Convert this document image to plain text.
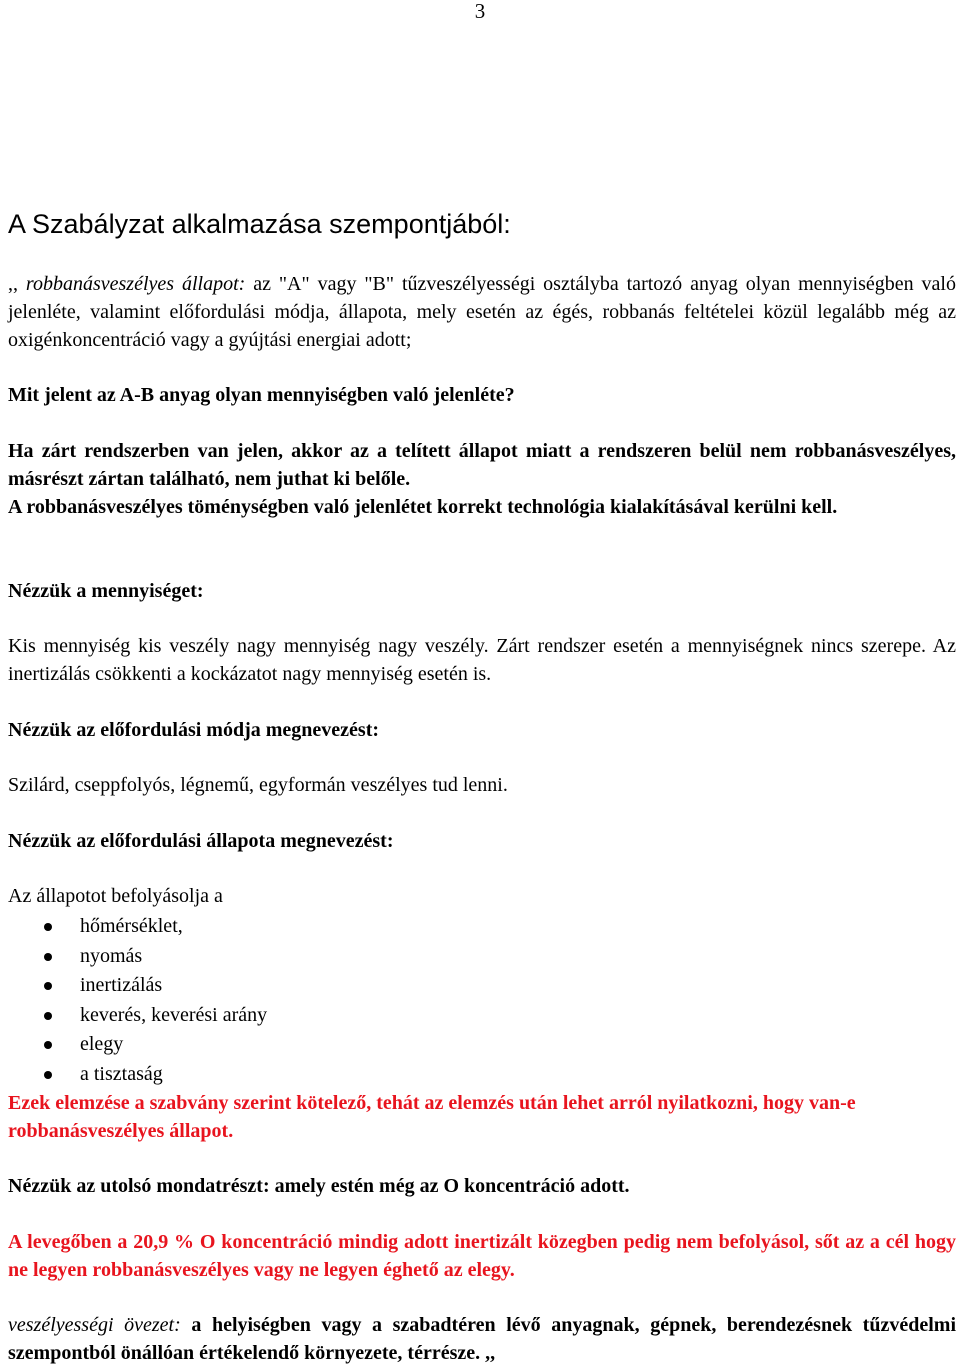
3
A Szabályzat alkalmazása szempontjából:

,, robbanásveszélyes állapot: az "A" vagy "B" tűzveszélyességi osztályba tartozó anyag olyan mennyiségben való jelenléte, valamint előfordulási módja, állapota, mely esetén az égés, robbanás feltételei közül legalább még az oxigénkoncentráció vagy a gyújtási energiai adott;

Mit jelent az A-B anyag olyan mennyiségben való jelenléte?

Ha zárt rendszerben van jelen, akkor az a telített állapot miatt a rendszeren belül nem robbanásveszélyes, másrészt zártan található, nem juthat ki belőle.

A robbanásveszélyes töménységben való jelenlétet korrekt technológia kialakításával kerülni kell.

Nézzük a mennyiséget:

Kis mennyiség kis veszély nagy mennyiség nagy veszély. Zárt rendszer esetén a mennyiségnek nincs szerepe. Az inertizálás csökkenti a kockázatot nagy mennyiség esetén is.

Nézzük az előfordulási módja megnevezést:

Szilárd, cseppfolyós, légnemű, egyformán veszélyes tud lenni.

Nézzük az előfordulási állapota megnevezést:

Az állapotot befolyásolja a

hőmérséklet,
nyomás
inertizálás
keverés, keverési arány
elegy
a tisztaság

Ezek elemzése a szabvány szerint kötelező, tehát az elemzés után lehet arról nyilatkozni, hogy van-e robbanásveszélyes állapot.

Nézzük az utolsó mondatrészt: amely estén még az O koncentráció adott.

A levegőben a 20,9 % O koncentráció mindig adott inertizált közegben pedig nem befolyásol, sőt az a cél hogy ne legyen robbanásveszélyes vagy ne legyen éghető az elegy.

veszélyességi övezet: a helyiségben vagy a szabadtéren lévő anyagnak, gépnek, berendezésnek tűzvédelmi szempontból önállóan értékelendő környezete, térrésze. ,,
